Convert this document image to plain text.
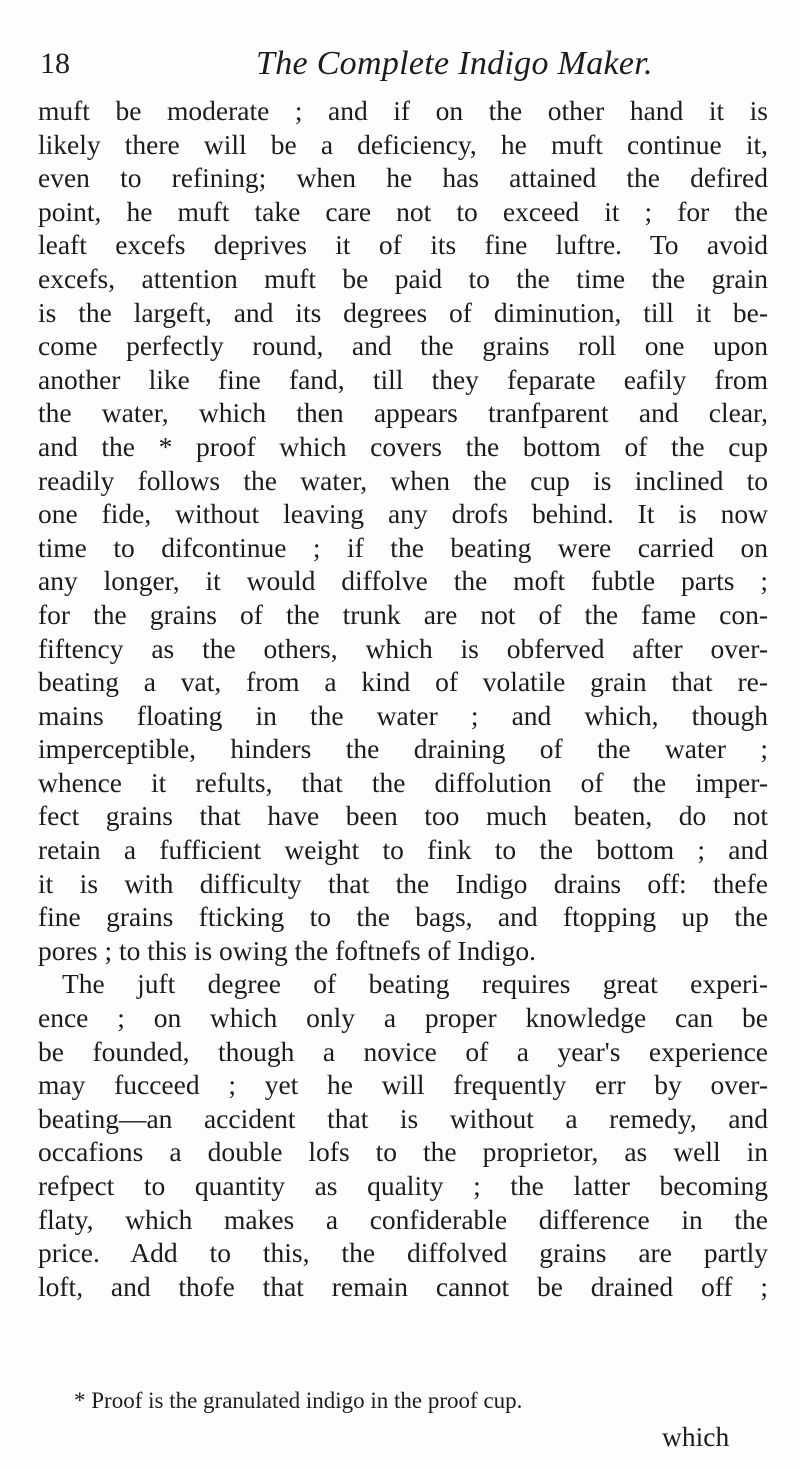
18	The Complete Indigo Maker.
muft be moderate ; and if on the other hand it is
likely there will be a deficiency, he muft continue it,
even to refining; when he has attained the defired
point, he muft take care not to exceed it ; for the
leaft excefs deprives it of its fine luftre. To avoid
excefs, attention muft be paid to the time the grain
is the largeft, and its degrees of diminution, till it be-
come perfectly round, and the grains roll one upon
another like fine fand, till they feparate eafily from
the water, which then appears tranfparent and clear,
and the * proof which covers the bottom of the cup
readily follows the water, when the cup is inclined to
one fide, without leaving any drofs behind. It is now
time to difcontinue ; if the beating were carried on
any longer, it would diffolve the moft fubtle parts ;
for the grains of the trunk are not of the fame con-
fiftency as the others, which is obferved after over-
beating a vat, from a kind of volatile grain that re-
mains floating in the water ; and which, though
imperceptible, hinders the draining of the water ;
whence it refults, that the diffolution of the imper-
fect grains that have been too much beaten, do not
retain a fufficient weight to fink to the bottom ; and
it is with difficulty that the Indigo drains off: thefe
fine grains fticking to the bags, and ftopping up the
pores ; to this is owing the foftnefs of Indigo.
The juft degree of beating requires great experi-
ence ; on which only a proper knowledge can be
be founded, though a novice of a year's experience
may fucceed ; yet he will frequently err by over-
beating—an accident that is without a remedy, and
occafions a double lofs to the proprietor, as well in
refpect to quantity as quality ; the latter becoming
flaty, which makes a confiderable difference in the
price. Add to this, the diffolved grains are partly
loft, and thofe that remain cannot be drained off ;
* Proof is the granulated indigo in the proof cup.
which
